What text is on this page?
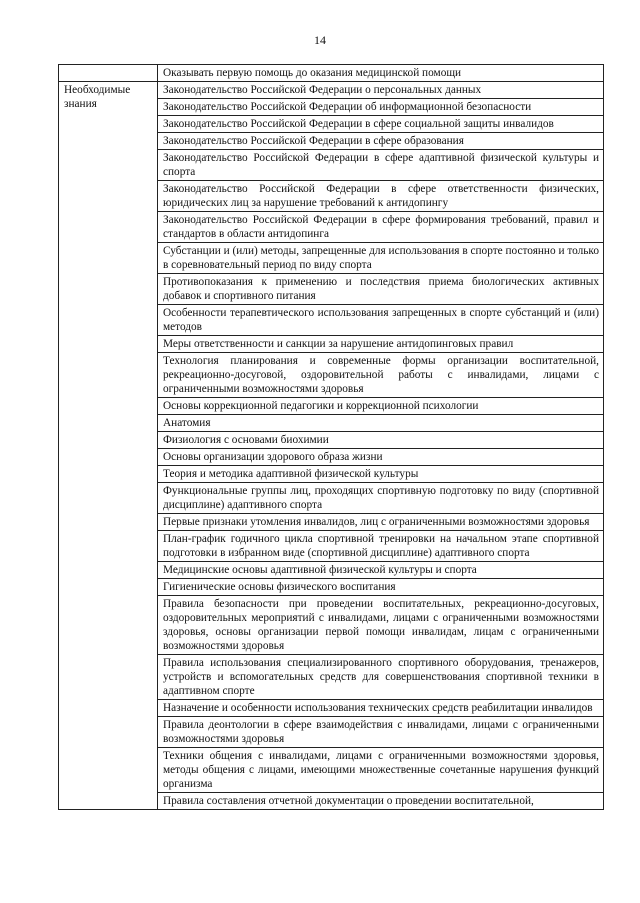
14
	Оказывать первую помощь до оказания медицинской помощи
Необходимые знания	Законодательство Российской Федерации о персональных данных
	Законодательство Российской Федерации об информационной безопасности
	Законодательство Российской Федерации в сфере социальной защиты инвалидов
	Законодательство Российской Федерации в сфере образования
	Законодательство Российской Федерации в сфере адаптивной физической культуры и спорта
	Законодательство Российской Федерации в сфере ответственности физических, юридических лиц за нарушение требований к антидопингу
	Законодательство Российской Федерации в сфере формирования требований, правил и стандартов в области антидопинга
	Субстанции и (или) методы, запрещенные для использования в спорте постоянно и только в соревновательный период по виду спорта
	Противопоказания к применению и последствия приема биологических активных добавок и спортивного питания
	Особенности терапевтического использования запрещенных в спорте субстанций и (или) методов
	Меры ответственности и санкции за нарушение антидопинговых правил
	Технология планирования и современные формы организации воспитательной, рекреационно-досуговой, оздоровительной работы с инвалидами, лицами с ограниченными возможностями здоровья
	Основы коррекционной педагогики и коррекционной психологии
	Анатомия
	Физиология с основами биохимии
	Основы организации здорового образа жизни
	Теория и методика адаптивной физической культуры
	Функциональные группы лиц, проходящих спортивную подготовку по виду (спортивной дисциплине) адаптивного спорта
	Первые признаки утомления инвалидов, лиц с ограниченными возможностями здоровья
	План-график годичного цикла спортивной тренировки на начальном этапе спортивной подготовки в избранном виде (спортивной дисциплине) адаптивного спорта
	Медицинские основы адаптивной физической культуры и спорта
	Гигиенические основы физического воспитания
	Правила безопасности при проведении воспитательных, рекреационно-досуговых, оздоровительных мероприятий с инвалидами, лицами с ограниченными возможностями здоровья, основы организации первой помощи инвалидам, лицам с ограниченными возможностями здоровья
	Правила использования специализированного спортивного оборудования, тренажеров, устройств и вспомогательных средств для совершенствования спортивной техники в адаптивном спорте
	Назначение и особенности использования технических средств реабилитации инвалидов
	Правила деонтологии в сфере взаимодействия с инвалидами, лицами с ограниченными возможностями здоровья
	Техники общения с инвалидами, лицами с ограниченными возможностями здоровья, методы общения с лицами, имеющими множественные сочетанные нарушения функций организма
	Правила составления отчетной документации о проведении воспитательной,
